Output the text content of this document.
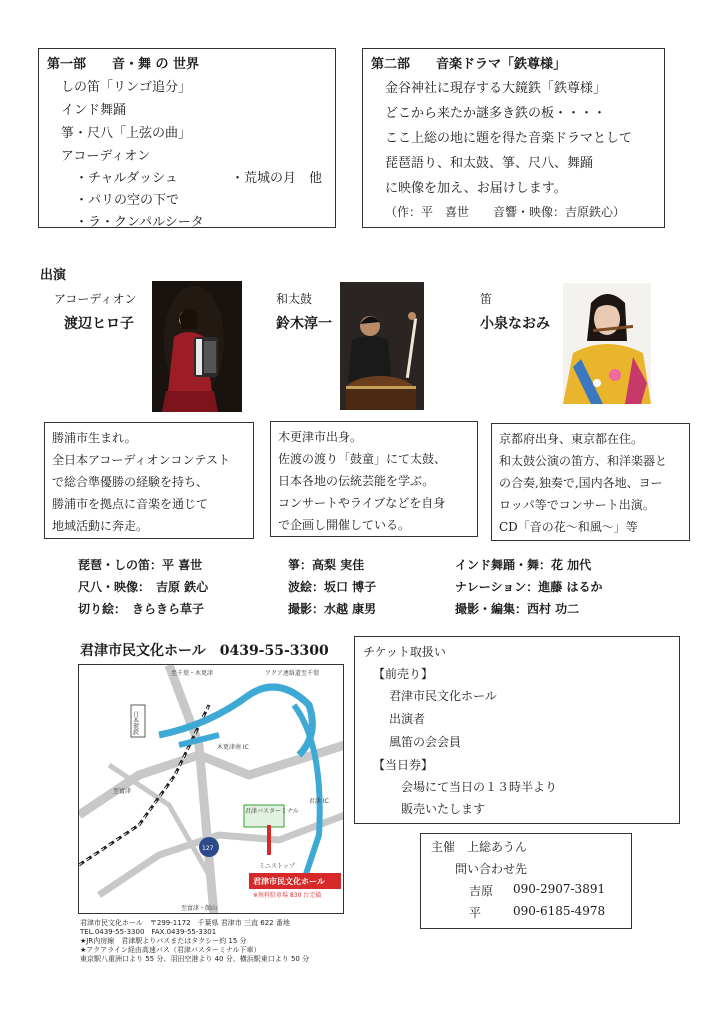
第一部　　音・舞 の 世界
しの笛「リンゴ追分」
インド舞踊
箏・尺八「上弦の曲」
アコーディオン
・チャルダッシュ	・荒城の月　他
・パリの空の下で
・ラ・クンパルシータ
第二部　　音楽ドラマ「鉄尊様」
金谷神社に現存する大鏡鉄「鉄尊様」
どこから来たか謎多き鉄の板・・・・
ここ上総の地に題を得た音楽ドラマとして
琵琶語り、和太鼓、箏、尺八、舞踊
に映像を加え、お届けします。
（作：平　喜世　　音響・映像：吉原鉄心）
出演
アコーディオン
渡辺ヒロ子
和太鼓
鈴木淳一
笛
小泉なおみ
勝浦市生まれ。
全日本アコーディオンコンテスト
で総合準優勝の経験を持ち、
勝浦市を拠点に音楽を通じて
地域活動に奔走。
木更津市出身。
佐渡の渡り「鼓童」にて太鼓、
日本各地の伝統芸能を学ぶ。
コンサートやライブなどを自身
で企画し開催している。
京都府出身、東京都在住。
和太鼓公演の笛方、和洋楽器と
の合奏,独奏で,国内各地、ヨー
ロッパ等でコンサート出演。
CD「音の花～和風～」等
琵琶・しの笛：平 喜世	箏：高梨 実佳	インド舞踊・舞：花 加代
尺八・映像：　吉原 鉄心	波絵：坂口 博子	ナレーション：進藤 はるか
切り絵：　きらきら草子	撮影：水越 康男	撮影・編集：西村 功二
君津市民文化ホール　0439-55-3300
日本製鉄
君津市民文化ホール
※無料駐車場 830 台完備
127
至千葉・木更津	アクア連絡道 至千葉
木更津南 IC
至富津
君津バスターミナル
君津 IC
ミニストップ
至富津・館山
君津市民文化ホール　〒299-1172　千葉県 君津市 三直 622 番地
TEL.0439-55-3300　FAX.0439-55-3301
★JR内房線　君津駅よりバスまたはタクシー約 15 分
★アクアライン経由高速バス（君津バスターミナル下車）
東京駅八重洲口より 55 分、羽田空港より 40 分、横浜駅東口より 50 分
チケット取扱い
【前売り】
君津市民文化ホール
出演者
風笛の会会員
【当日券】
会場にて当日の１３時半より
販売いたします
主催　上総あうん
問い合わせ先
吉原 090-2907-3891
平	090-6185-4978
